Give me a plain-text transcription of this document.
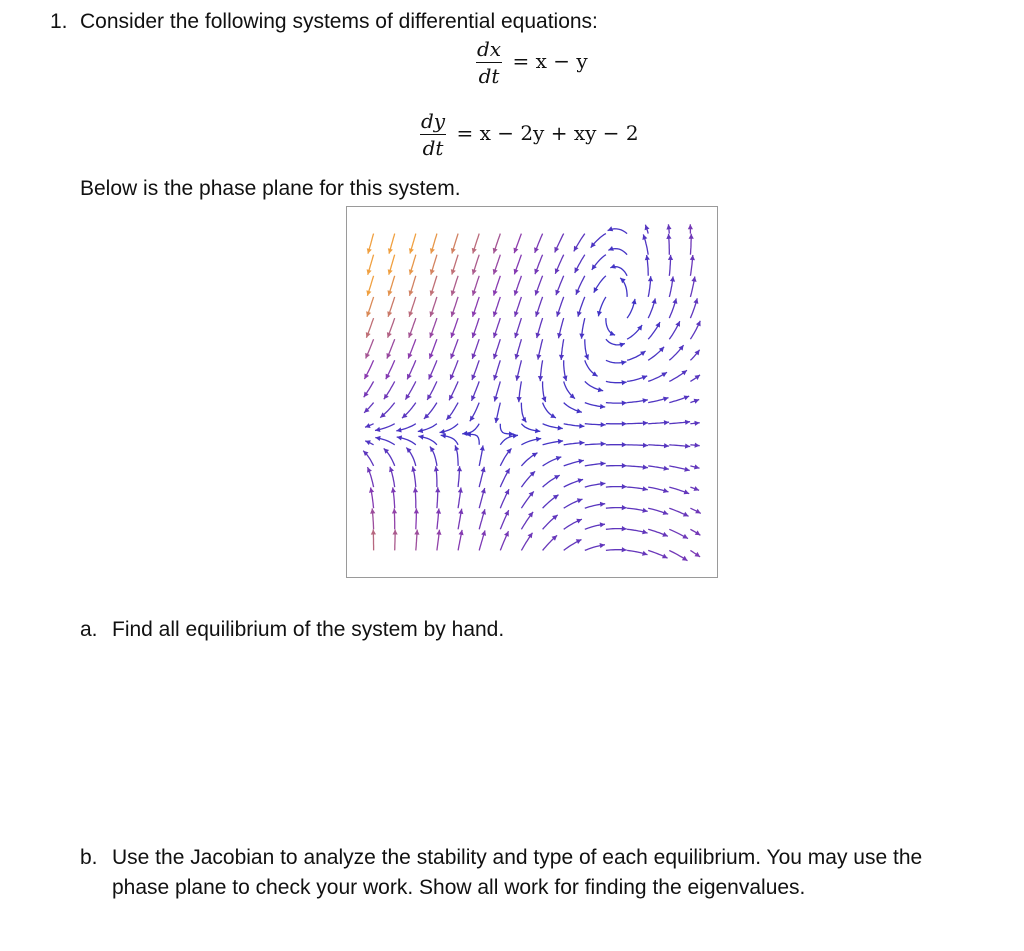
1. Consider the following systems of differential equations:
$\frac{dx}{dt} = x - y$
$\frac{dy}{dt} = x - 2y$ + xy − 2
Below is the phase plane for this system.
a. Find all equilibrium of the system by hand.
b. Use the Jacobian to analyze the stability and type of each equilibrium. You may use the
phase plane to check your work. Show all work for finding the eigenvalues.
